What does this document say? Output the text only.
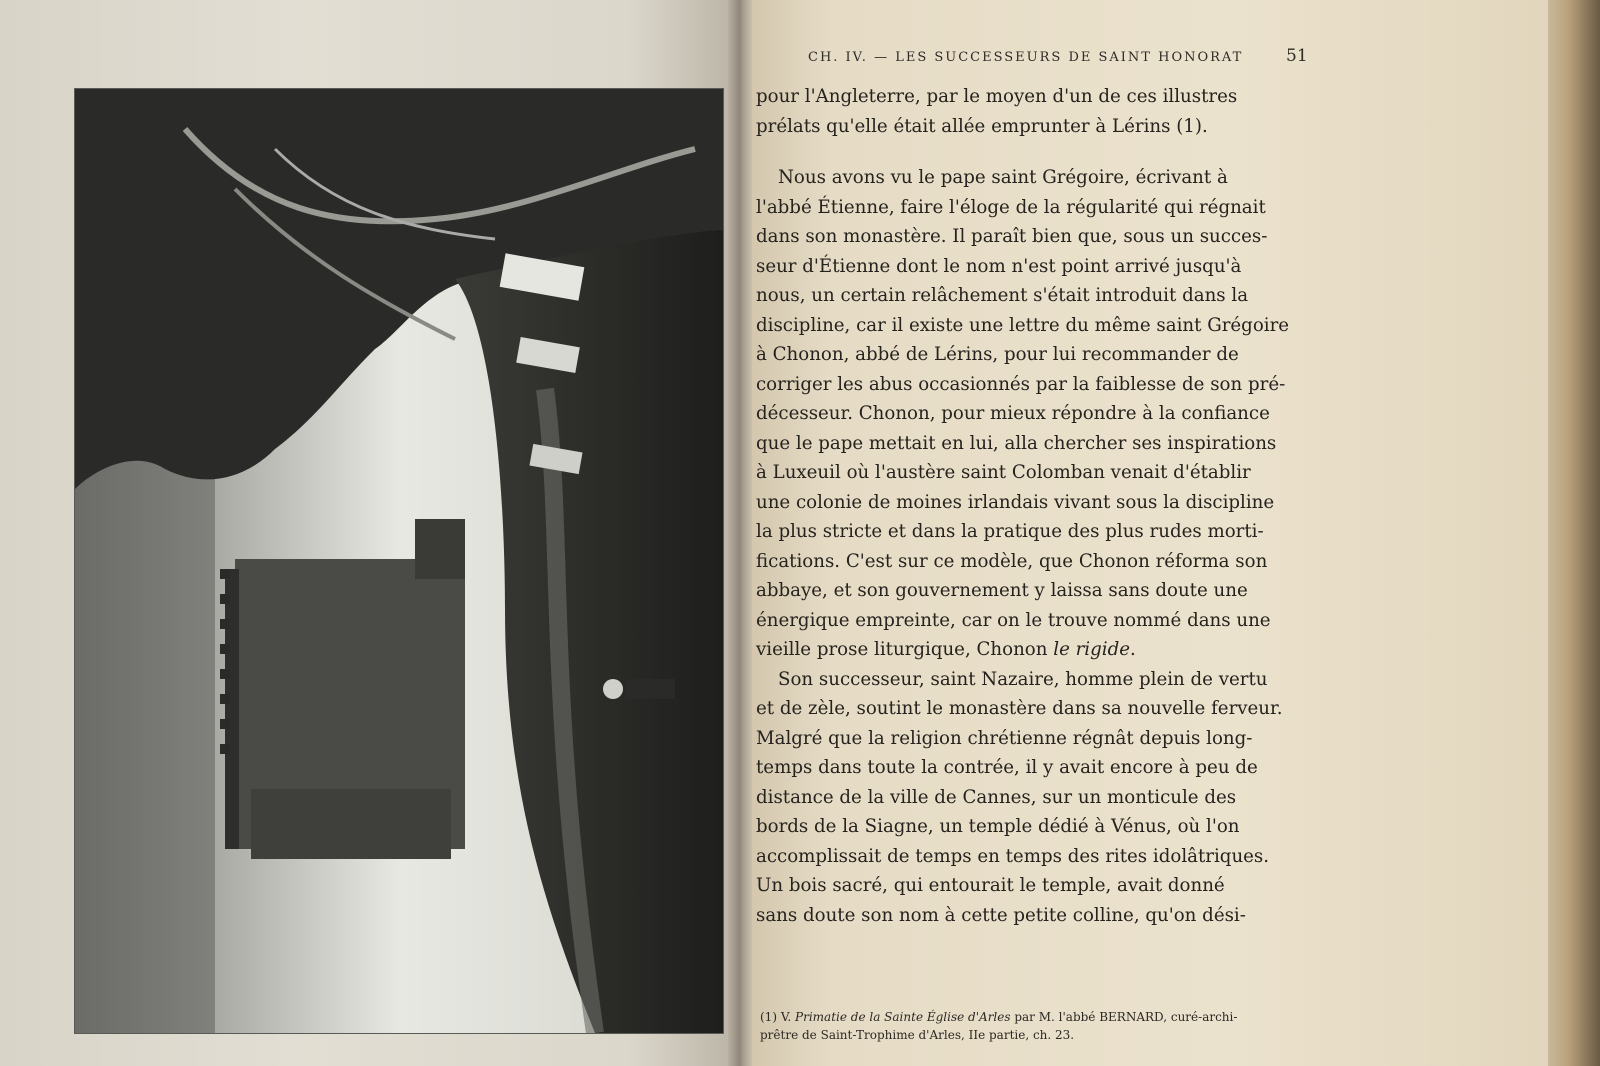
CH. IV. — LES SUCCESSEURS DE SAINT HONORAT	51
pour l'Angleterre, par le moyen d'un de ces illustres
prélats qu'elle était allée emprunter à Lérins (1).
Nous avons vu le pape saint Grégoire, écrivant à
l'abbé Étienne, faire l'éloge de la régularité qui régnait
dans son monastère. Il paraît bien que, sous un succes-
seur d'Étienne dont le nom n'est point arrivé jusqu'à
nous, un certain relâchement s'était introduit dans la
discipline, car il existe une lettre du même saint Grégoire
à Chonon, abbé de Lérins, pour lui recommander de
corriger les abus occasionnés par la faiblesse de son pré-
décesseur. Chonon, pour mieux répondre à la confiance
que le pape mettait en lui, alla chercher ses inspirations
à Luxeuil où l'austère saint Colomban venait d'établir
une colonie de moines irlandais vivant sous la discipline
la plus stricte et dans la pratique des plus rudes morti-
fications. C'est sur ce modèle, que Chonon réforma son
abbaye, et son gouvernement y laissa sans doute une
énergique empreinte, car on le trouve nommé dans une
vieille prose liturgique, Chonon le rigide.
Son successeur, saint Nazaire, homme plein de vertu
et de zèle, soutint le monastère dans sa nouvelle ferveur.
Malgré que la religion chrétienne régnât depuis long-
temps dans toute la contrée, il y avait encore à peu de
distance de la ville de Cannes, sur un monticule des
bords de la Siagne, un temple dédié à Vénus, où l'on
accomplissait de temps en temps des rites idolâtriques.
Un bois sacré, qui entourait le temple, avait donné
sans doute son nom à cette petite colline, qu'on dési-
(1) V. Primatie de la Sainte Église d'Arles par M. l'abbé BERNARD, curé-archi-
prêtre de Saint-Trophime d'Arles, IIe partie, ch. 23.
